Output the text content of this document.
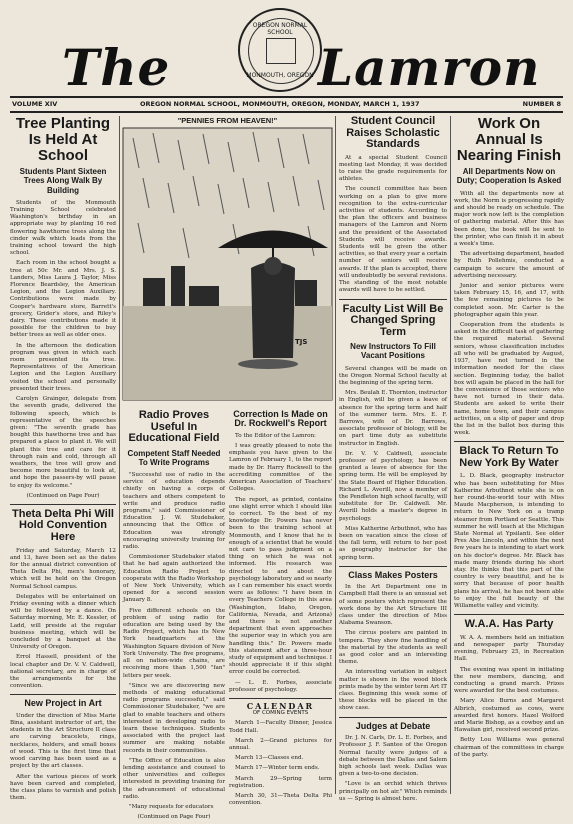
The
OREGON NORMAL SCHOOL
MONMOUTH, OREGON Lamron
VOLUME XIV	OREGON NORMAL SCHOOL, MONMOUTH, OREGON, MONDAY, MARCH 1, 1937	NUMBER 8
Tree Planting Is Held At School
Students Plant Sixteen Trees Along Walk By Building

Students of the Monmouth Training School celebrated Washington's birthday in an appropriate way by planting 16 red flowering hawthorne trees along the cinder walk which leads from the training school toward the high school.

Each room in the school bought a tree at 50c Mr. and Mrs. J. S. Landers, Miss Laura J. Taylor, Miss Florence Beardsley, the American Legion, and the Legion Auxiliary. Contributions were made by Cooper's hardware store, Barrett's grocery, Grider's store, and Riley's dairy. These contributions made it possible for the children to buy better trees as well as older ones.

In the afternoon the dedication program was given in which each room presented its tree. Representatives of the American Legion and the Legion Auxiliary visited the school and personally presented their trees.

Carolyn Grainger, delegate from the seventh grade, delivered the following speech, which is representative of the speeches given: "The seventh grade has bought this hawthorne tree and has prepared a place to plant it. We will plant this tree and care for it through rain and cold, through all weathers, the tree will grow and become more beautiful to look at, and hope the passers-by will pause to enjoy its welcome."

(Continued on Page Four)

Theta Delta Phi Will Hold Convention Here

Friday and Saturday, March 12 and 13, have been set as the dates for the annual district convention of Theta Delta Phi, men's honorary, which will be held on the Oregon Normal School campus.

Delegates will be entertained on Friday evening with a dinner which will be followed by a dance. On Saturday morning, Mr. E. Kessler, of Ladd, will preside at the regular business meeting, which will be concluded by a banquet at the University of Oregon.

Errol Hassell, president of the local chapter and Dr. V. V. Caldwell, national secretary, are in charge of the arrangements for the convention.

New Project in Art

Under the direction of Miss Marie Bina, assistant instructor of art, the students in the Art Structure II class are carving bracelets, rings, necklaces, holders, and small boxes of wood. This is the first time that wood carving has been used as a project by the art classes.

After the various pieces of work have been carved and completed, the class plans to varnish and polish them.

"PENNIES FROM HEAVEN!"
TJS
Radio Proves Useful In Educational Field
Competent Staff Needed To Write Programs

"Successful use of radio in the service of education depends chiefly on having a corps of teachers and others competent to write and produce radio programs," said Commissioner of Education J. W. Studebaker, announcing that the Office of Education was strongly encouraging university training for radio.

Commissioner Studebaker stated that he had again authorized the Education Radio Project to cooperate with the Radio Workshop of New York University, which opened for a second session January 8.

Five different schools on the problem of using radio for education are being used by the Radio Project, which has its New York headquarters at the Washington Square division of New York University. The five programs, all on nation-wide chains, are receiving more than 1,500 "fan" letters per week.

"Since we are discovering new methods of making educational radio programs successful," said Commissioner Studebaker, "we are glad to enable teachers and others interested in developing radio to learn these techniques. Students associated with the project last summer are making notable records in their communities.

"The Office of Education is also lending assistance and counsel to other universities and colleges interested in providing training for the advancement of educational radio.

"Many requests for educators

(Continued on Page Four)

Correction Is Made on Dr. Rockwell's Report

To the Editor of the Lamron:

I was greatly pleased to note the emphasis you have given to the Lamron of February 1, to the report made by Dr. Harry Rockwell to the accrediting committee of the American Association of Teachers' Colleges.

The report, as printed, contains one slight error which I should like to correct. To the best of my knowledge Dr. Powers has never been to the training school at Monmouth, and I know that he is enough of a scientist that he would not care to pass judgment on a thing on which he was not informed. His research was directed to and about the psychology laboratory and so nearly as I can remember his exact words were as follows: "I have been in every Teachers College in this area (Washington, Idaho, Oregon, California, Nevada, and Arizona) and there is not another department that even approaches the superior way in which you are handling this." Dr. Powers made this statement after a three-hour study of equipment and technique. I should appreciate it if this slight error could be corrected.

— L. E. Forbes, associate professor of psychology.

CALENDAR
OF COMING EVENTS

March 1—Faculty Dinner, Jessica Todd Hall.

March 2—Grand pictures for annual.

March 13—Classes end.

March 17—Winter term ends.

March 29—Spring term registration.

March 30, 31—Theta Delta Phi convention.

Student Council Raises Scholastic Standards

At a special Student Council meeting last Monday, it was decided to raise the grade requirements for athletes.

The council committee has been working on a plan to give more recognition to the extra-curricular activities of students. According to the plan the officers and business managers of the Lamron and Norm and the president of the Associated Students will receive awards. Students will be given the other activities, so that every year a certain number of seniors will receive awards. If the plan is accepted, there will undoubtedly be several revisions. The standing of the most notable awards will have to be settled.

Faculty List Will Be Changed Spring Term
New Instructors To Fill Vacant Positions

Several changes will be made on the Oregon Normal School faculty at the beginning of the spring term.

Mrs. Beulah E. Thornton, instructor in English, will be given a leave of absence for the spring term and half of the summer term. Mrs. E. F. Barrows, wife of Dr. Barrows, associate professor of biology, will be on part time duty as substitute instructor in English.

Dr. V. V. Caldwell, associate professor of psychology, has been granted a leave of absence for the spring term. He will be employed by the State Board of Higher Education. Richard L. Averill, now a member of the Pendleton high school faculty, will substitute for Dr. Caldwell. Mr. Averill holds a master's degree in psychology.

Miss Katherine Arbuthnot, who has been on vacation since the close of the fall term, will return to her post as geography instructor for the spring term.

Class Makes Posters

In the Art Department one in Campbell Hall there is an unusual set of some posters which represent the work done by the Art Structure III class under the direction of Miss Alabama Swanson.

The circus posters are painted in tempera. They show fine handling of the material by the students as well as good color and an interesting theme.

An interesting variation in subject matter is shown in the wood block prints made by the winter term Art IT class. Beginning this week some of these blocks will be placed in the show case.

Judges at Debate

Dr. J. N. Carls, Dr. L. E. Forbes, and Professor J. F. Santee of the Oregon Normal faculty were judges of a debate between the Dallas and Salem high schools last week. Dallas was given a two-to-one decision.

"Love is an orchid which thrives principally on hot air." Which reminds us — Spring is almost here.

Work On Annual Is Nearing Finish
All Departments Now on Duty; Cooperation Is Asked

With all the departments now at work, the Norm is progressing rapidly and should be ready on schedule. The major work now left is the completion of gathering material. After this has been done, the book will be sent to the printer, who can finish it in about a week's time.

The advertising department, headed by Ruth Pollehmis, conducted a campaign to secure the amount of advertising necessary.

Junior and senior pictures were taken February 15, 16, and 17, with the few remaining pictures to be completed soon. Mr. Carter is the photographer again this year.

Cooperation from the students is asked in the difficult task of gathering the required material. Several seniors, whose classification includes all who will be graduated by August, 1937, have not turned in the information needed for the class section. Beginning today, the ballot box will again be placed in the hall for the convenience of those seniors who have not turned in their data. Students are asked to write their name, home town, and their campus activities, on a slip of paper and drop the list in the ballot box during this week.

Black To Return To New York By Water

L. D. Black, geography instructor who has been substituting for Miss Katherine Arbuthnot while she is on her round-the-world tour with Miss Maude Macpherson, is intending to return to New York on a tramp steamer from Portland or Seattle. This summer he will teach at the Michigan State Normal at Ypsilanti. See older Pres Abe Lincoln, and within the next few years he is intending to start work on his doctor's degree. Mr. Black has made many friends during his short stay. He thinks that this part of the country is very beautiful, and he is sorry that because of poor health plans his arrival, he has not been able to enjoy the full beauty of the Willamette valley and vicinity.

W.A.A. Has Party

W. A. A. members held an initiation and newspaper party Thursday evening, February 25, in Recreation Hall.

The evening was spent in initiating the new members, dancing, and conducting a grand march. Prizes were awarded for the best costumes.

Mary Alice Burns and Margaret Albrich, costumed as cows, were awarded first honors. Hazel Wolford and Marie Bishop, as a cowboy and an Hawaiian girl, received second prize.

Betty Lou Williams was general chairman of the committees in charge of the party.
